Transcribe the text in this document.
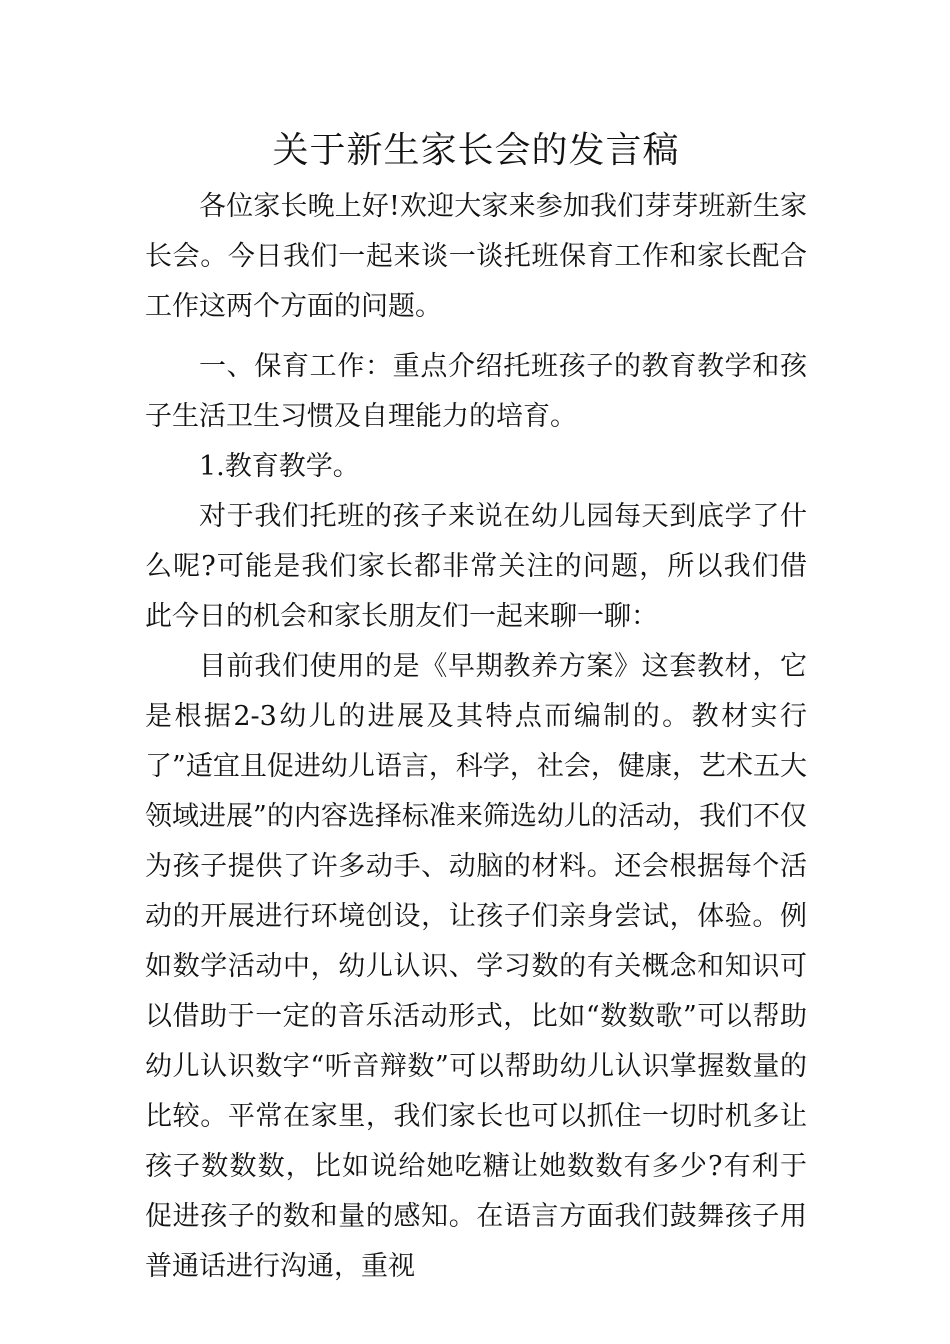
关于新生家长会的发言稿

各位家长晚上好!欢迎大家来参加我们芽芽班新生家长会。今日我们一起来谈一谈托班保育工作和家长配合工作这两个方面的问题。

一、保育工作：重点介绍托班孩子的教育教学和孩子生活卫生习惯及自理能力的培育。

1.教育教学。

对于我们托班的孩子来说在幼儿园每天到底学了什么呢?可能是我们家长都非常关注的问题，所以我们借此今日的机会和家长朋友们一起来聊一聊：

目前我们使用的是《早期教养方案》这套教材，它是根据2-3幼儿的进展及其特点而编制的。教材实行了”适宜且促进幼儿语言，科学，社会，健康，艺术五大领域进展”的内容选择标准来筛选幼儿的活动，我们不仅为孩子提供了许多动手、动脑的材料。还会根据每个活动的开展进行环境创设，让孩子们亲身尝试，体验。例如数学活动中，幼儿认识、学习数的有关概念和知识可以借助于一定的音乐活动形式，比如“数数歌”可以帮助幼儿认识数字“听音辩数”可以帮助幼儿认识掌握数量的比较。平常在家里，我们家长也可以抓住一切时机多让孩子数数数，比如说给她吃糖让她数数有多少?有利于促进孩子的数和量的感知。在语言方面我们鼓舞孩子用普通话进行沟通，重视
